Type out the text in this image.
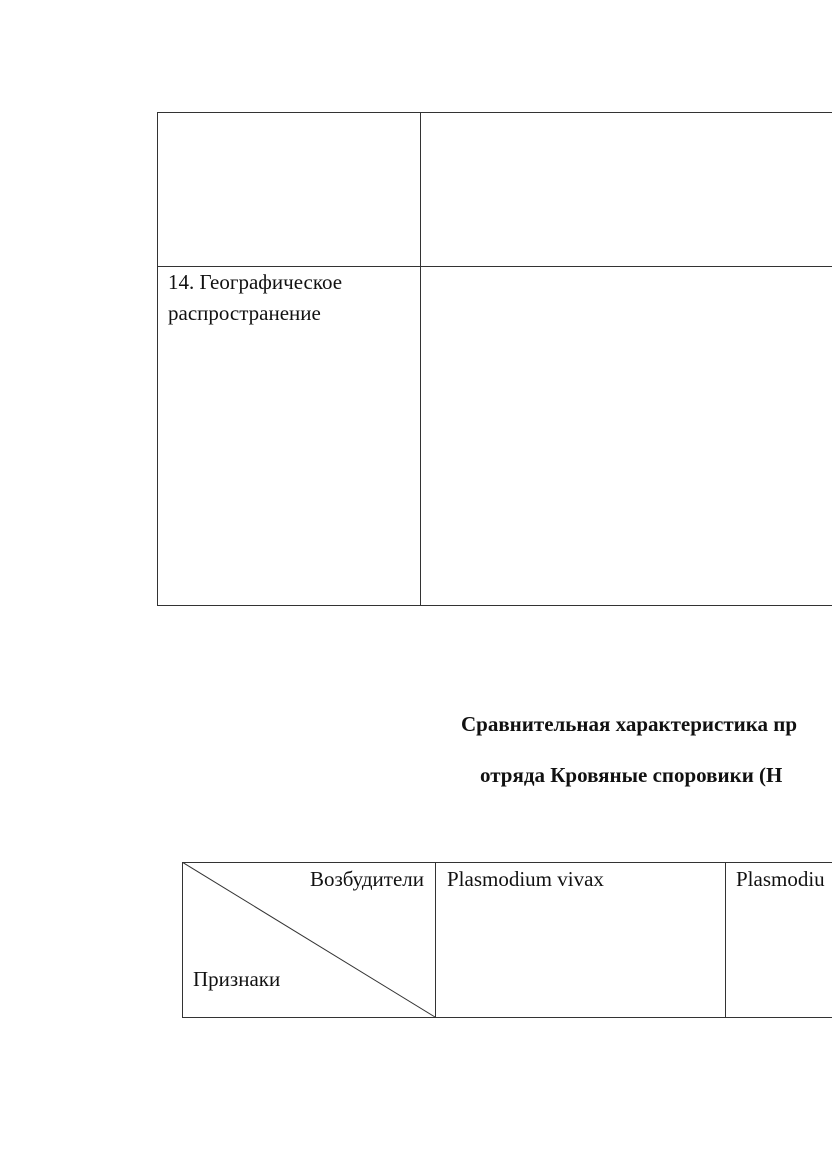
14. Географическое
распространение
Сравнительная характеристика пр
отряда Кровяные споровики (H
Возбудители
Признаки
Plasmodium vivax	Plasmodiu
